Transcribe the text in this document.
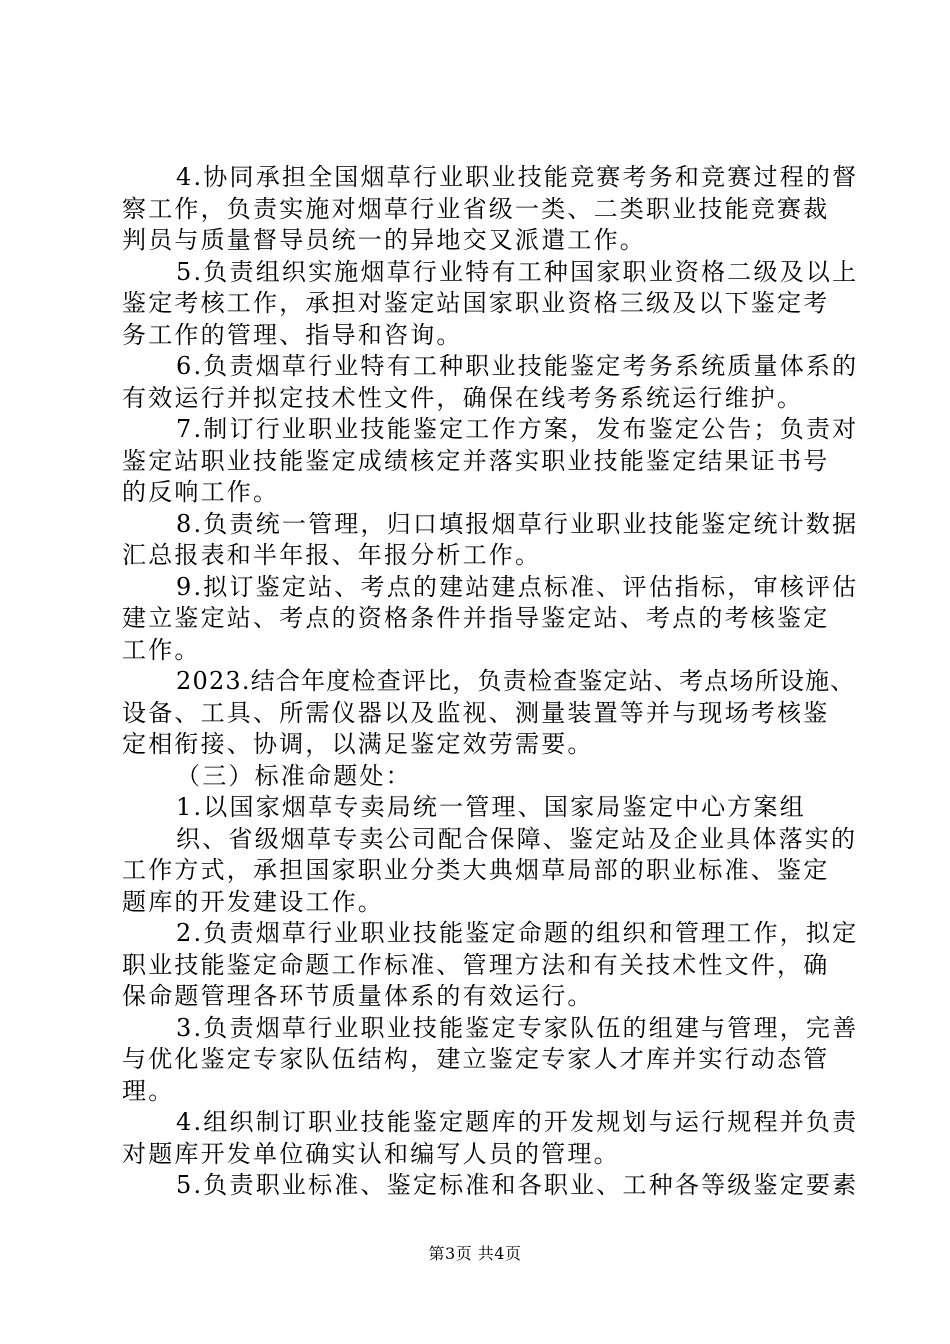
4.协同承担全国烟草行业职业技能竞赛考务和竞赛过程的督
察工作，负责实施对烟草行业省级一类、二类职业技能竞赛裁
判员与质量督导员统一的异地交叉派遣工作。
5.负责组织实施烟草行业特有工种国家职业资格二级及以上
鉴定考核工作，承担对鉴定站国家职业资格三级及以下鉴定考
务工作的管理、指导和咨询。
6.负责烟草行业特有工种职业技能鉴定考务系统质量体系的
有效运行并拟定技术性文件，确保在线考务系统运行维护。
7.制订行业职业技能鉴定工作方案，发布鉴定公告；负责对
鉴定站职业技能鉴定成绩核定并落实职业技能鉴定结果证书号
的反响工作。
8.负责统一管理，归口填报烟草行业职业技能鉴定统计数据
汇总报表和半年报、年报分析工作。
9.拟订鉴定站、考点的建站建点标准、评估指标，审核评估
建立鉴定站、考点的资格条件并指导鉴定站、考点的考核鉴定
工作。
2023.结合年度检查评比，负责检查鉴定站、考点场所设施、
设备、工具、所需仪器以及监视、测量装置等并与现场考核鉴
定相衔接、协调，以满足鉴定效劳需要。
（三）标准命题处：
1.以国家烟草专卖局统一管理、国家局鉴定中心方案组
织、省级烟草专卖公司配合保障、鉴定站及企业具体落实的
工作方式，承担国家职业分类大典烟草局部的职业标准、鉴定
题库的开发建设工作。
2.负责烟草行业职业技能鉴定命题的组织和管理工作，拟定
职业技能鉴定命题工作标准、管理方法和有关技术性文件，确
保命题管理各环节质量体系的有效运行。
3.负责烟草行业职业技能鉴定专家队伍的组建与管理，完善
与优化鉴定专家队伍结构，建立鉴定专家人才库并实行动态管
理。
4.组织制订职业技能鉴定题库的开发规划与运行规程并负责
对题库开发单位确实认和编写人员的管理。
5.负责职业标准、鉴定标准和各职业、工种各等级鉴定要素
第3页 共4页
